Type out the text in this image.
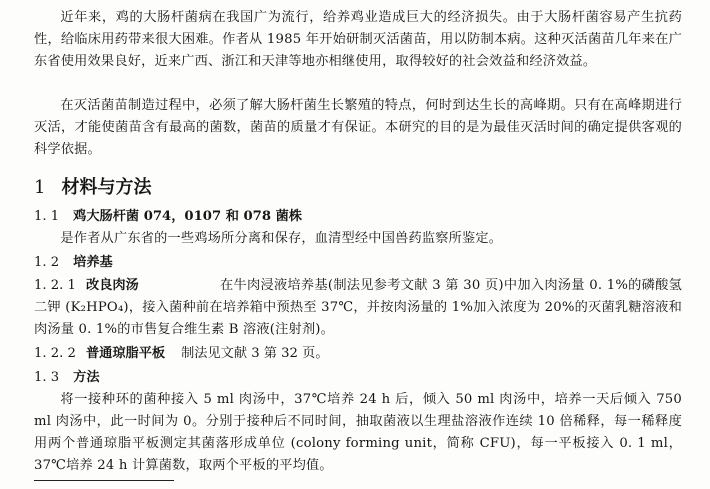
近年来，鸡的大肠杆菌病在我国广为流行，给养鸡业造成巨大的经济损失。由于大肠杆菌容易产生抗药性，给临床用药带来很大困难。作者从 1985 年开始研制灭活菌苗，用以防制本病。这种灭活菌苗几年来在广东省使用效果良好，近来广西、浙江和天津等地亦相继使用，取得较好的社会效益和经济效益。

在灭活菌苗制造过程中，必须了解大肠杆菌生长繁殖的特点，何时到达生长的高峰期。只有在高峰期进行灭活，才能使菌苗含有最高的菌数，菌苗的质量才有保证。本研究的目的是为最佳灭活时间的确定提供客观的科学依据。

1 材料与方法
1. 1 鸡大肠杆菌 074，0107 和 078 菌株

是作者从广东省的一些鸡场所分离和保存，血清型经中国兽药监察所鉴定。

1. 2 培养基
1. 2. 1 改良肉汤	在牛肉浸液培养基(制法见参考文献 3 第 30 页)中加入肉汤量 0. 1%的磷酸氢二钾 (K₂HPO₄)，接入菌种前在培养箱中预热至 37℃，并按肉汤量的 1%加入浓度为 20%的灭菌乳糖溶液和肉汤量 0. 1%的市售复合维生素 B 溶液(注射剂)。

1. 2. 2 普通琼脂平板 制法见文献 3 第 32 页。
1. 3 方法

将一接种环的菌种接入 5 ml 肉汤中，37℃培养 24 h 后，倾入 50 ml 肉汤中，培养一天后倾入 750 ml 肉汤中，此一时间为 0。分别于接种后不同时间，抽取菌液以生理盐溶液作连续 10 倍稀释，每一稀释度用两个普通琼脂平板测定其菌落形成单位 (colony forming unit，简称 CFU)，每一平板接入 0. 1 ml，37℃培养 24 h 计算菌数，取两个平板的平均值。
